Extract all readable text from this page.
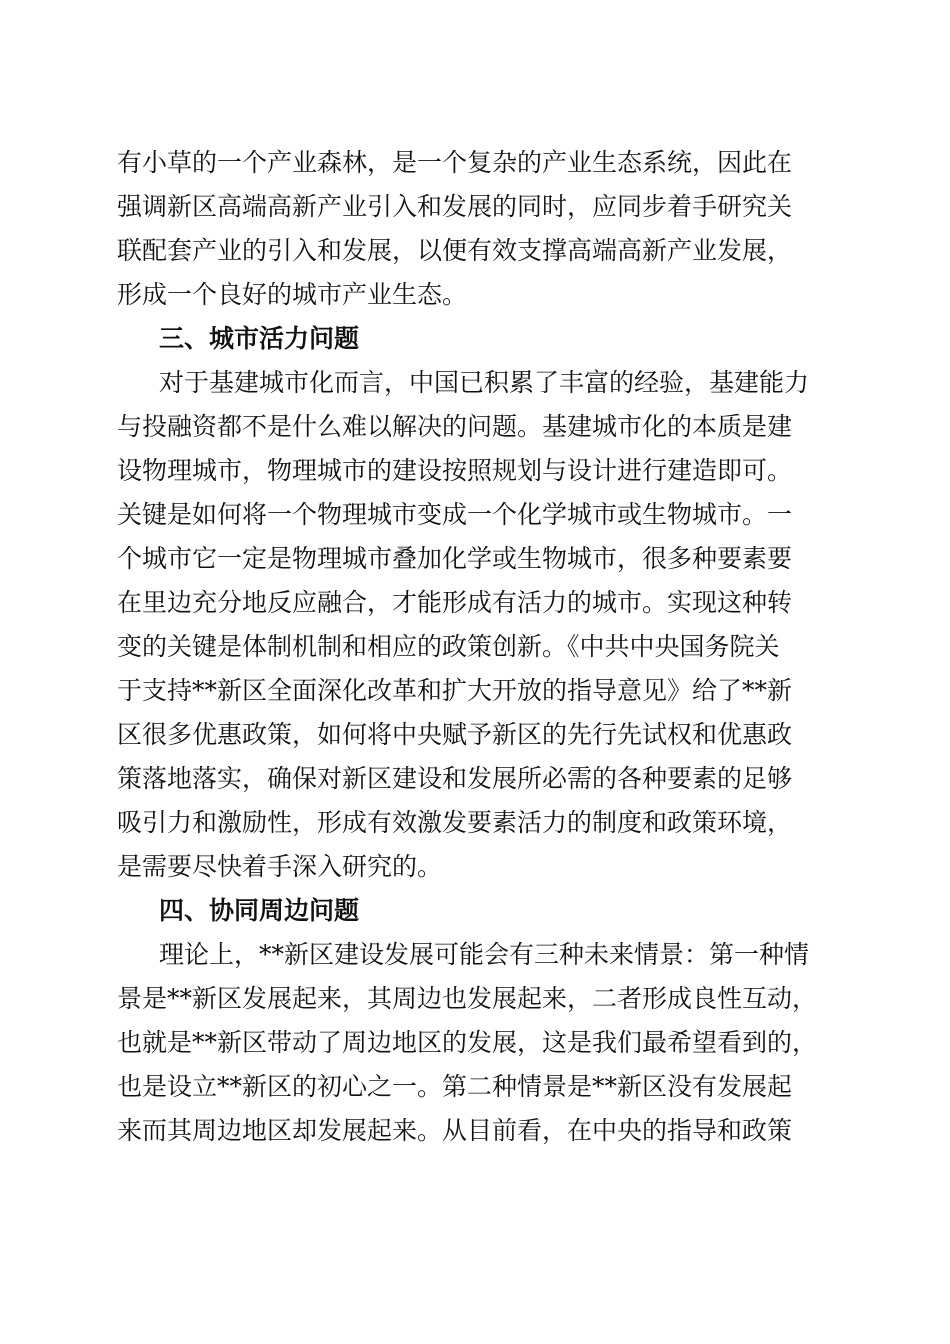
有小草的一个产业森林，是一个复杂的产业生态系统，因此在
强调新区高端高新产业引入和发展的同时，应同步着手研究关
联配套产业的引入和发展，以便有效支撑高端高新产业发展，
形成一个良好的城市产业生态。
三、城市活力问题
对于基建城市化而言，中国已积累了丰富的经验，基建能力
与投融资都不是什么难以解决的问题。基建城市化的本质是建
设物理城市，物理城市的建设按照规划与设计进行建造即可。
关键是如何将一个物理城市变成一个化学城市或生物城市。一
个城市它一定是物理城市叠加化学或生物城市，很多种要素要
在里边充分地反应融合，才能形成有活力的城市。实现这种转
变的关键是体制机制和相应的政策创新。《中共中央国务院关
于支持**新区全面深化改革和扩大开放的指导意见》给了**新
区很多优惠政策，如何将中央赋予新区的先行先试权和优惠政
策落地落实，确保对新区建设和发展所必需的各种要素的足够
吸引力和激励性，形成有效激发要素活力的制度和政策环境，
是需要尽快着手深入研究的。
四、协同周边问题
理论上，**新区建设发展可能会有三种未来情景：第一种情
景是**新区发展起来，其周边也发展起来，二者形成良性互动，
也就是**新区带动了周边地区的发展，这是我们最希望看到的，
也是设立**新区的初心之一。第二种情景是**新区没有发展起
来而其周边地区却发展起来。从目前看，在中央的指导和政策
